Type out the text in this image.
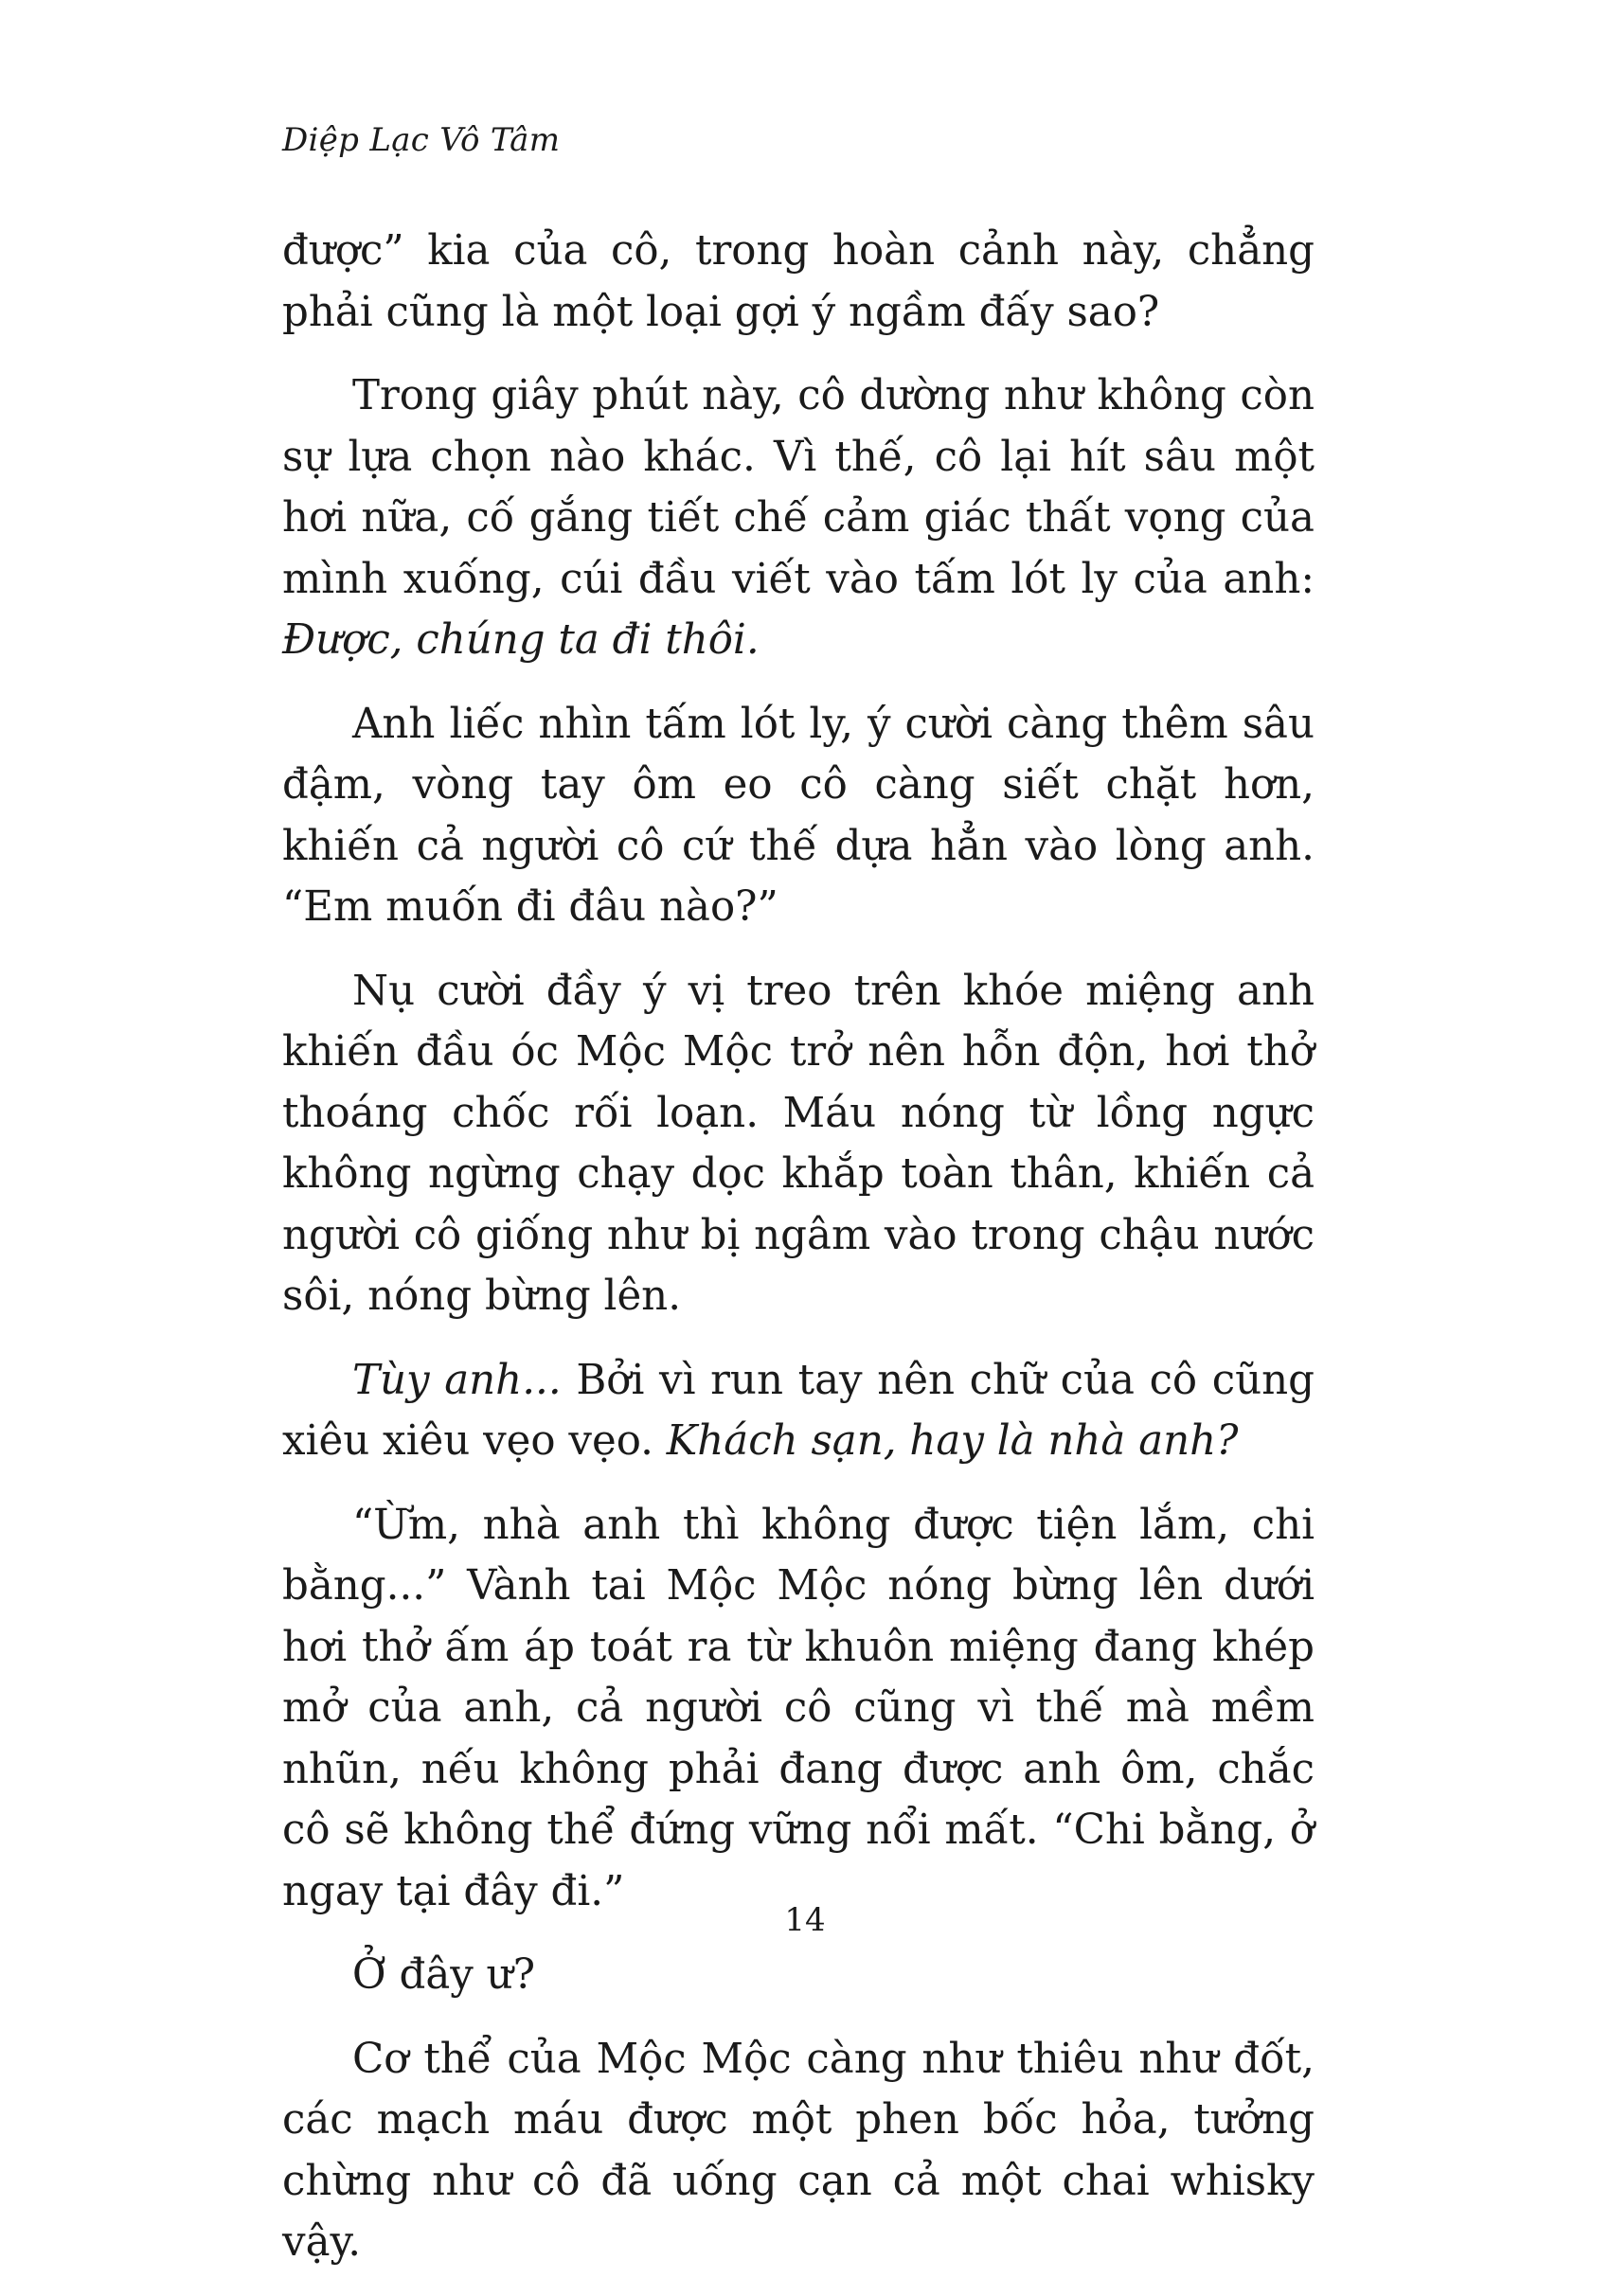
Diệp Lạc Vô Tâm

được” kia của cô, trong hoàn cảnh này, chẳng phải cũng là một loại gợi ý ngầm đấy sao?

Trong giây phút này, cô dường như không còn sự lựa chọn nào khác. Vì thế, cô lại hít sâu một hơi nữa, cố gắng tiết chế cảm giác thất vọng của mình xuống, cúi đầu viết vào tấm lót ly của anh: Được, chúng ta đi thôi.

Anh liếc nhìn tấm lót ly, ý cười càng thêm sâu đậm, vòng tay ôm eo cô càng siết chặt hơn, khiến cả người cô cứ thế dựa hẳn vào lòng anh. “Em muốn đi đâu nào?”

Nụ cười đầy ý vị treo trên khóe miệng anh khiến đầu óc Mộc Mộc trở nên hỗn độn, hơi thở thoáng chốc rối loạn. Máu nóng từ lồng ngực không ngừng chạy dọc khắp toàn thân, khiến cả người cô giống như bị ngâm vào trong chậu nước sôi, nóng bừng lên.

Tùy anh... Bởi vì run tay nên chữ của cô cũng xiêu xiêu vẹo vẹo. Khách sạn, hay là nhà anh?

“Ừm, nhà anh thì không được tiện lắm, chi bằng...” Vành tai Mộc Mộc nóng bừng lên dưới hơi thở ấm áp toát ra từ khuôn miệng đang khép mở của anh, cả người cô cũng vì thế mà mềm nhũn, nếu không phải đang được anh ôm, chắc cô sẽ không thể đứng vững nổi mất. “Chi bằng, ở ngay tại đây đi.”

Ở đây ư?

Cơ thể của Mộc Mộc càng như thiêu như đốt, các mạch máu được một phen bốc hỏa, tưởng chừng như cô đã uống cạn cả một chai whisky vậy.

14
